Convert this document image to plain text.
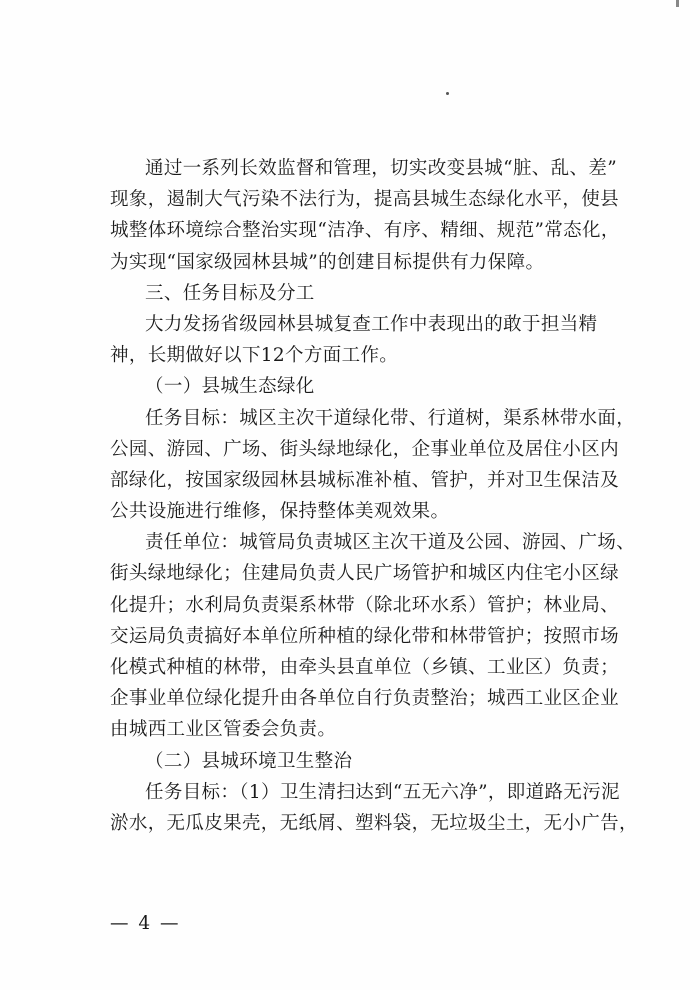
通过一系列长效监督和管理，切实改变县城“脏、乱、差”
现象，遏制大气污染不法行为，提高县城生态绿化水平，使县
城整体环境综合整治实现“洁净、有序、精细、规范”常态化，
为实现“国家级园林县城”的创建目标提供有力保障。
三、任务目标及分工
大力发扬省级园林县城复查工作中表现出的敢于担当精
神，长期做好以下12个方面工作。
（一）县城生态绿化
任务目标：城区主次干道绿化带、行道树，渠系林带水面，
公园、游园、广场、街头绿地绿化，企事业单位及居住小区内
部绿化，按国家级园林县城标准补植、管护，并对卫生保洁及
公共设施进行维修，保持整体美观效果。
责任单位：城管局负责城区主次干道及公园、游园、广场、
街头绿地绿化；住建局负责人民广场管护和城区内住宅小区绿
化提升；水利局负责渠系林带（除北环水系）管护；林业局、
交运局负责搞好本单位所种植的绿化带和林带管护；按照市场
化模式种植的林带，由牵头县直单位（乡镇、工业区）负责；
企事业单位绿化提升由各单位自行负责整治；城西工业区企业
由城西工业区管委会负责。
（二）县城环境卫生整治
任务目标：（1）卫生清扫达到“五无六净”，即道路无污泥
淤水，无瓜皮果壳，无纸屑、塑料袋，无垃圾尘土，无小广告，
— 4 —
